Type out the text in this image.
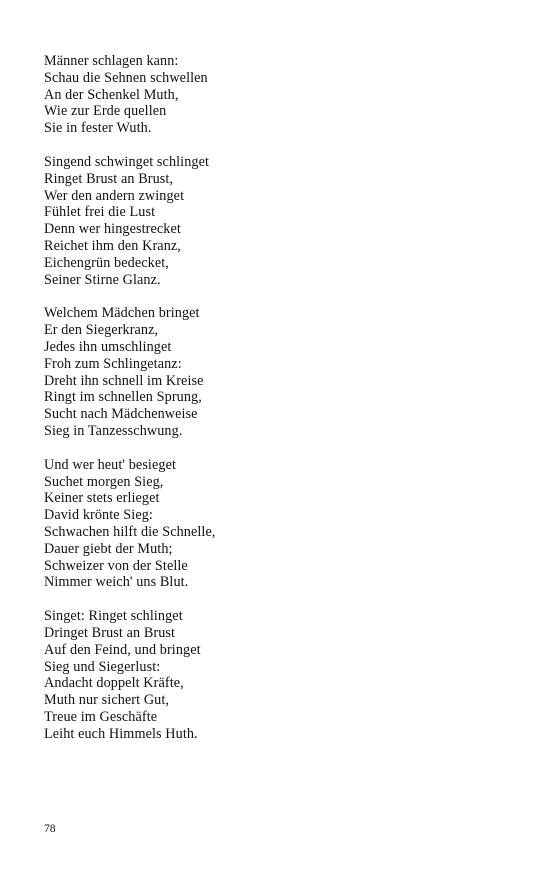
Männer schlagen kann:
Schau die Sehnen schwellen
An der Schenkel Muth,
Wie zur Erde quellen
Sie in fester Wuth.
Singend schwinget schlinget
Ringet Brust an Brust,
Wer den andern zwinget
Fühlet frei die Lust
Denn wer hingestrecket
Reichet ihm den Kranz,
Eichengrün bedecket,
Seiner Stirne Glanz.
Welchem Mädchen bringet
Er den Siegerkranz,
Jedes ihn umschlinget
Froh zum Schlingetanz:
Dreht ihn schnell im Kreise
Ringt im schnellen Sprung,
Sucht nach Mädchenweise
Sieg in Tanzesschwung.
Und wer heut' besieget
Suchet morgen Sieg,
Keiner stets erlieget
David krönte Sieg:
Schwachen hilft die Schnelle,
Dauer giebt der Muth;
Schweizer von der Stelle
Nimmer weich' uns Blut.
Singet: Ringet schlinget
Dringet Brust an Brust
Auf den Feind, und bringet
Sieg und Siegerlust:
Andacht doppelt Kräfte,
Muth nur sichert Gut,
Treue im Geschäfte
Leiht euch Himmels Huth.
78
